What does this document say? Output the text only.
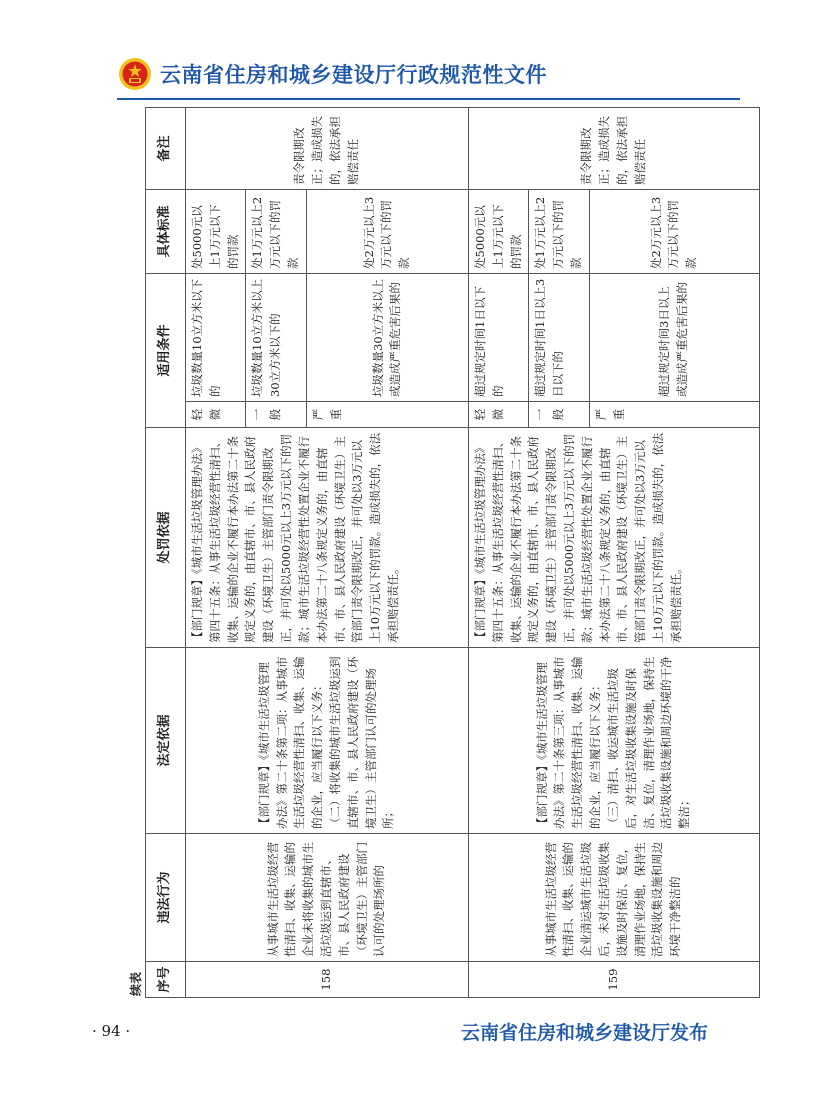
云南省住房和城乡建设厅行政规范性文件
续表 序号	违法行为	法定依据	处罚依据	适用条件		具体标准	备注
158	从事城市生活垃圾经营性清扫、收集、运输的企业未将收集的城市生活垃圾运到直辖市、市、县人民政府建设（环境卫生）主管部门认可的处理场所的	【部门规章】《城市生活垃圾管理办法》第二十条第二项：从事城市生活垃圾经营性清扫、收集、运输的企业，应当履行以下义务：
（二）将收集的城市生活垃圾运到直辖市、市、县人民政府建设（环境卫生）主管部门认可的处理场所；	【部门规章】《城市生活垃圾管理办法》第四十五条：从事生活垃圾经营性清扫、收集、运输的企业不履行本办法第二十条规定义务的，由直辖市、市、县人民政府建设（环境卫生）主管部门责令限期改正，并可处以5000元以上3万元以下的罚款；城市生活垃圾经营性处置企业不履行本办法第二十八条规定义务的，由直辖市、市、县人民政府建设（环境卫生）主管部门责令限期改正，并可处以3万元以上10万元以下的罚款。造成损失的，依法承担赔偿责任。	轻微	垃圾数量10立方米以下的	处5000元以上1万元以下的罚款	责令限期改正；造成损失的，依法承担赔偿责任
				一般	垃圾数量10立方米以上30立方米以下的	处1万元以上2万元以下的罚款	
				严重	垃圾数量30立方米以上或造成严重危害后果的	处2万元以上3万元以下的罚款	
159	从事城市生活垃圾经营性清扫、收集、运输的企业清运城市生活垃圾后，未对生活垃圾收集设施及时保洁、复位，清理作业场地，保持生活垃圾收集设施和周边环境干净整洁的	【部门规章】《城市生活垃圾管理办法》第二十条第三项：从事城市生活垃圾经营性清扫、收集、运输的企业，应当履行以下义务：
（三）清扫、收运城市生活垃圾后，对生活垃圾收集设施及时保洁、复位，清理作业场地，保持生活垃圾收集设施和周边环境的干净整洁；	【部门规章】《城市生活垃圾管理办法》第四十五条：从事生活垃圾经营性清扫、收集、运输的企业不履行本办法第二十条规定义务的，由直辖市、市、县人民政府建设（环境卫生）主管部门责令限期改正，并可处以5000元以上3万元以下的罚款；城市生活垃圾经营性处置企业不履行本办法第二十八条规定义务的，由直辖市、市、县人民政府建设（环境卫生）主管部门责令限期改正，并可处以3万元以上10万元以下的罚款。造成损失的，依法承担赔偿责任。	轻微	超过规定时间1日以下的	处5000元以上1万元以下的罚款	责令限期改正；造成损失的，依法承担赔偿责任
				一般	超过规定时间1日以上3日以下的	处1万元以上2万元以下的罚款	
				严重	超过规定时间3日以上或造成严重危害后果的	处2万元以上3万元以下的罚款	
· 94 ·	云南省住房和城乡建设厅发布
